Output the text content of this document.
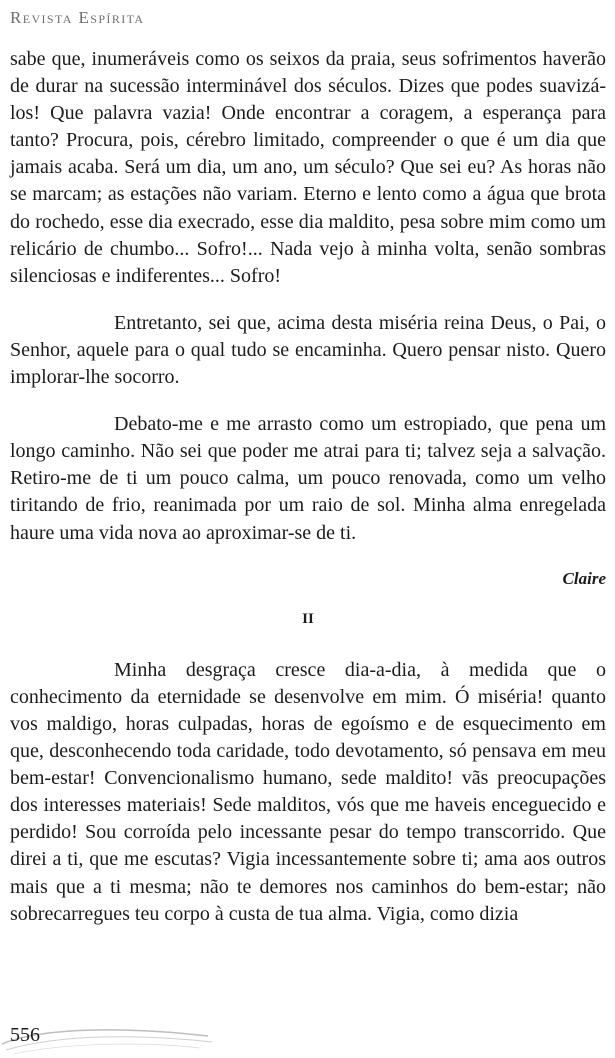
Revista Espírita

sabe que, inumeráveis como os seixos da praia, seus sofrimentos haverão de durar na sucessão interminável dos séculos. Dizes que podes suavizá-los! Que palavra vazia! Onde encontrar a coragem, a esperança para tanto? Procura, pois, cérebro limitado, compreender o que é um dia que jamais acaba. Será um dia, um ano, um século? Que sei eu? As horas não se marcam; as estações não variam. Eterno e lento como a água que brota do rochedo, esse dia execrado, esse dia maldito, pesa sobre mim como um relicário de chumbo... Sofro!... Nada vejo à minha volta, senão sombras silenciosas e indiferentes... Sofro!

Entretanto, sei que, acima desta miséria reina Deus, o Pai, o Senhor, aquele para o qual tudo se encaminha. Quero pensar nisto. Quero implorar-lhe socorro.

Debato-me e me arrasto como um estropiado, que pena um longo caminho. Não sei que poder me atrai para ti; talvez seja a salvação. Retiro-me de ti um pouco calma, um pouco renovada, como um velho tiritando de frio, reanimada por um raio de sol. Minha alma enregelada haure uma vida nova ao aproximar-se de ti.

Claire

II

Minha desgraça cresce dia-a-dia, à medida que o conhecimento da eternidade se desenvolve em mim. Ó miséria! quanto vos maldigo, horas culpadas, horas de egoísmo e de esquecimento em que, desconhecendo toda caridade, todo devotamento, só pensava em meu bem-estar! Convencionalismo humano, sede maldito! vãs preocupações dos interesses materiais! Sede malditos, vós que me haveis enceguecido e perdido! Sou corroída pelo incessante pesar do tempo transcorrido. Que direi a ti, que me escutas? Vigia incessantemente sobre ti; ama aos outros mais que a ti mesma; não te demores nos caminhos do bem-estar; não sobrecarregues teu corpo à custa de tua alma. Vigia, como dizia

556
